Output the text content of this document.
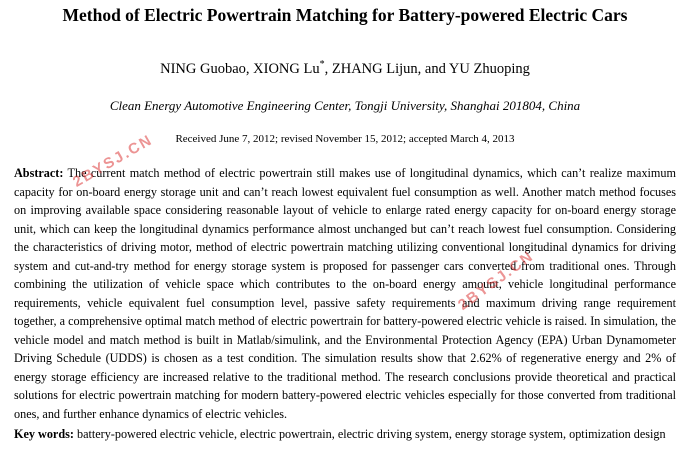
Method of Electric Powertrain Matching for Battery-powered Electric Cars
NING Guobao, XIONG Lu*, ZHANG Lijun, and YU Zhuoping
Clean Energy Automotive Engineering Center, Tongji University, Shanghai 201804, China
Received June 7, 2012; revised November 15, 2012; accepted March 4, 2013

Abstract: The current match method of electric powertrain still makes use of longitudinal dynamics, which can’t realize maximum capacity for on-board energy storage unit and can’t reach lowest equivalent fuel consumption as well. Another match method focuses on improving available space considering reasonable layout of vehicle to enlarge rated energy capacity for on-board energy storage unit, which can keep the longitudinal dynamics performance almost unchanged but can’t reach lowest fuel consumption. Considering the characteristics of driving motor, method of electric powertrain matching utilizing conventional longitudinal dynamics for driving system and cut-and-try method for energy storage system is proposed for passenger cars converted from traditional ones. Through combining the utilization of vehicle space which contributes to the on-board energy amount, vehicle longitudinal performance requirements, vehicle equivalent fuel consumption level, passive safety requirements and maximum driving range requirement together, a comprehensive optimal match method of electric powertrain for battery-powered electric vehicle is raised. In simulation, the vehicle model and match method is built in Matlab/simulink, and the Environmental Protection Agency (EPA) Urban Dynamometer Driving Schedule (UDDS) is chosen as a test condition. The simulation results show that 2.62% of regenerative energy and 2% of energy storage efficiency are increased relative to the traditional method. The research conclusions provide theoretical and practical solutions for electric powertrain matching for modern battery-powered electric vehicles especially for those converted from traditional ones, and further enhance dynamics of electric vehicles.

Key words: battery-powered electric vehicle, electric powertrain, electric driving system, energy storage system, optimization design

2BYSJ.CN
2BYSJ.CN
